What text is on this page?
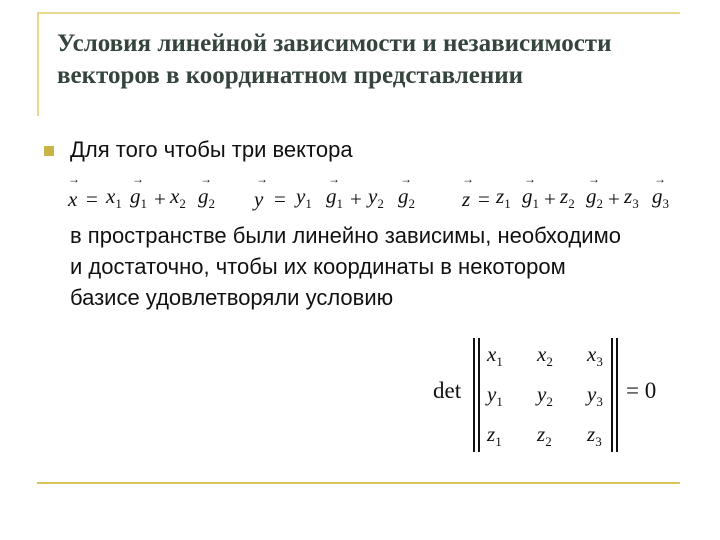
Условия линейной зависимости и независимости векторов в координатном представлении

Для того чтобы три вектора

→
$x = x_1$
→
$g_1 + x_2$
→
$g_2$
→
$y = y_1$
→
$g_1 + y_2$
→
$g_2$
→
$z = z_1$
→
$g_1 + z_2$
→
$g_2 + z_3$
→
$g_3$

в пространстве были линейно зависимы, необходимо и достаточно, чтобы их координаты в некотором базисе удовлетворяли условию

det
$x_1$ $x_2$ $x_3$
$y_1$ $y_2$ $y_3$
$z_1$ $z_2$ $z_3$
= 0
